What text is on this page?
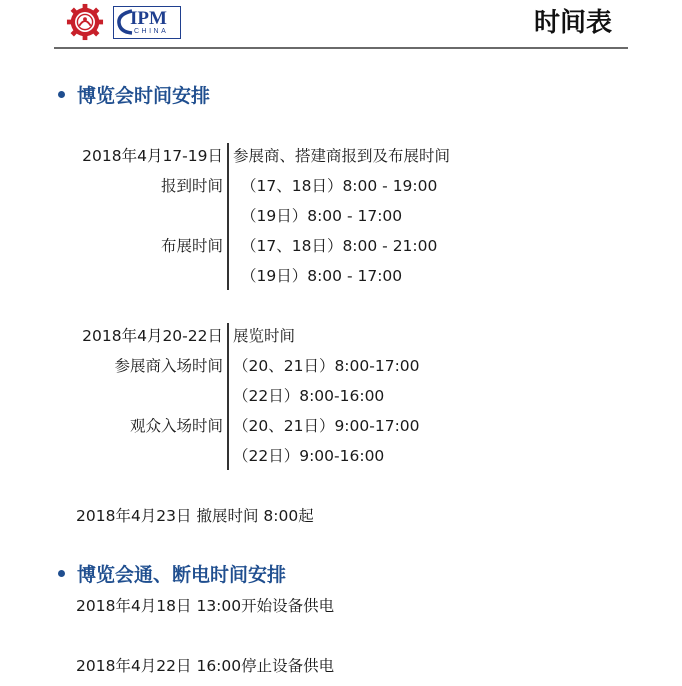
IPM
CHINA	时间表
博览会时间安排
2018年4月17-19日 参展商、搭建商报到及布展时间
报到时间 （17、18日）8:00 - 19:00
（19日）8:00 - 17:00
布展时间 （17、18日）8:00 - 21:00
（19日）8:00 - 17:00
2018年4月20-22日 展览时间
参展商入场时间 （20、21日）8:00-17:00
（22日）8:00-16:00
观众入场时间 （20、21日）9:00-17:00
（22日）9:00-16:00
2018年4月23日 撤展时间 8:00起
博览会通、断电时间安排
2018年4月18日 13:00开始设备供电
2018年4月22日 16:00停止设备供电
